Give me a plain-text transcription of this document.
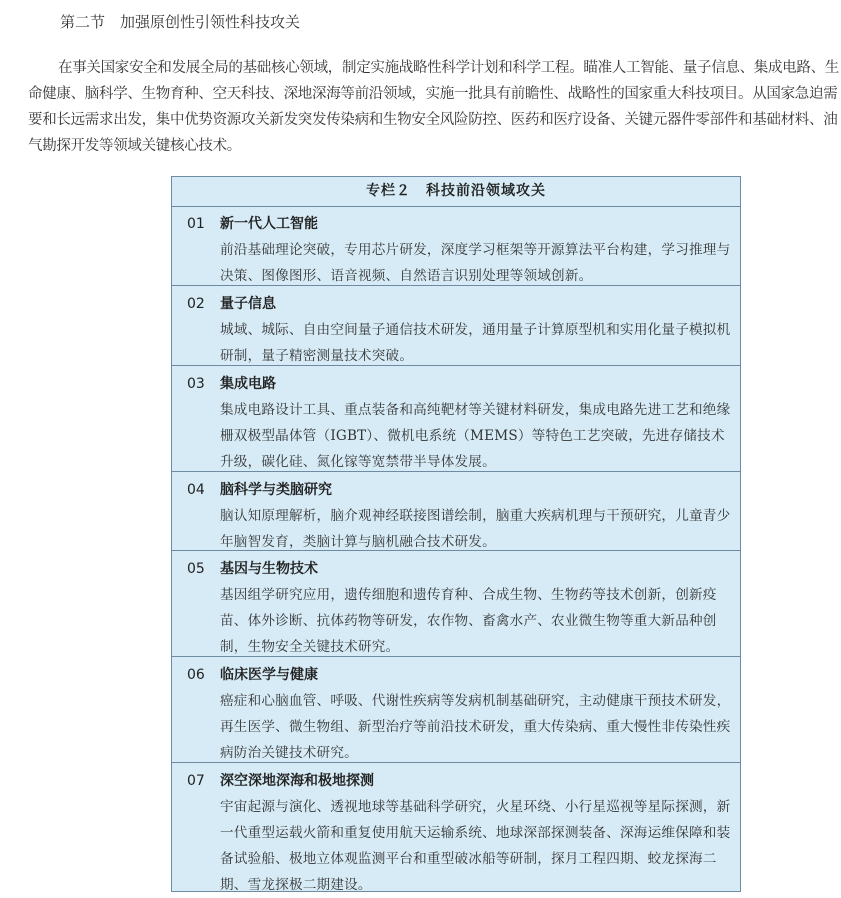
第二节　加强原创性引领性科技攻关
在事关国家安全和发展全局的基础核心领域，制定实施战略性科学计划和科学工程。瞄准人工智能、量子信息、集成电路、生命健康、脑科学、生物育种、空天科技、深地深海等前沿领域，实施一批具有前瞻性、战略性的国家重大科技项目。从国家急迫需要和长远需求出发，集中优势资源攻关新发突发传染病和生物安全风险防控、医药和医疗设备、关键元器件零部件和基础材料、油气勘探开发等领域关键核心技术。
专栏２　科技前沿领域攻关
01 新一代人工智能
前沿基础理论突破，专用芯片研发，深度学习框架等开源算法平台构建，学习推理与决策、图像图形、语音视频、自然语言识别处理等领域创新。
02 量子信息
城域、城际、自由空间量子通信技术研发，通用量子计算原型机和实用化量子模拟机研制，量子精密测量技术突破。
03 集成电路
集成电路设计工具、重点装备和高纯靶材等关键材料研发，集成电路先进工艺和绝缘栅双极型晶体管（IGBT）、微机电系统（MEMS）等特色工艺突破，先进存储技术升级，碳化硅、氮化镓等宽禁带半导体发展。
04 脑科学与类脑研究
脑认知原理解析，脑介观神经联接图谱绘制，脑重大疾病机理与干预研究，儿童青少年脑智发育，类脑计算与脑机融合技术研发。
05 基因与生物技术
基因组学研究应用，遗传细胞和遗传育种、合成生物、生物药等技术创新，创新疫苗、体外诊断、抗体药物等研发，农作物、畜禽水产、农业微生物等重大新品种创制，生物安全关键技术研究。
06 临床医学与健康
癌症和心脑血管、呼吸、代谢性疾病等发病机制基础研究，主动健康干预技术研发，再生医学、微生物组、新型治疗等前沿技术研发，重大传染病、重大慢性非传染性疾病防治关键技术研究。
07 深空深地深海和极地探测
宇宙起源与演化、透视地球等基础科学研究，火星环绕、小行星巡视等星际探测，新一代重型运载火箭和重复使用航天运输系统、地球深部探测装备、深海运维保障和装备试验船、极地立体观监测平台和重型破冰船等研制，探月工程四期、蛟龙探海二期、雪龙探极二期建设。
